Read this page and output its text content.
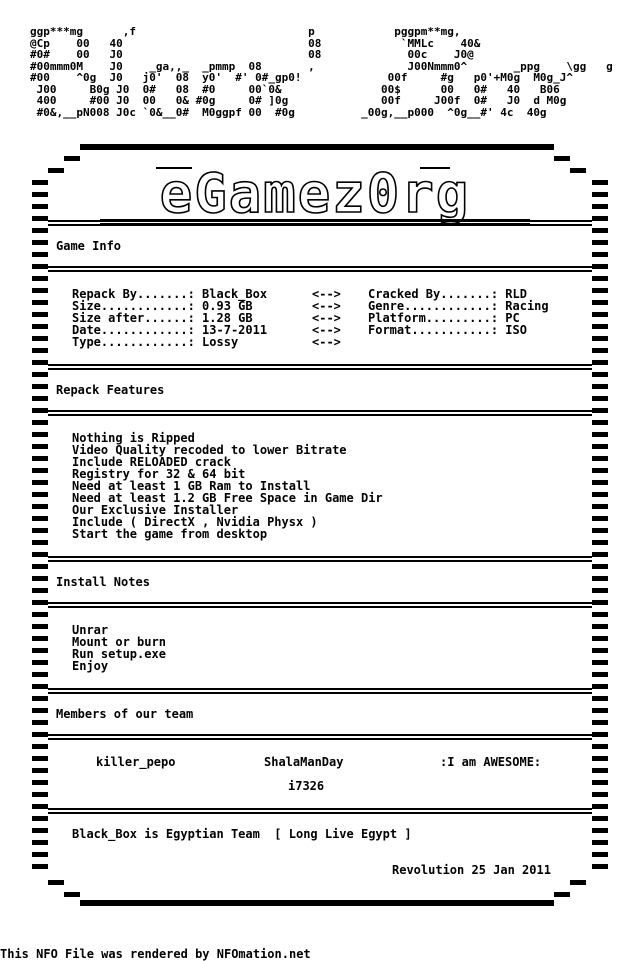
ggp***mg      ,f                          p            pggpm**mg,
@Cp    00   40                            08            `MMLc    40&
#0#    00   J0                            08             00c    J0@
#00mmm0M    J0    _ga,,_  _pmmp  08       ,              J00Nmmm0^       _ppg    \gg   g
#00    ^0g  J0   j0'  08  y0'  #' 0#_gp0!             00f     #g   p0'+M0g  M0g_J^
J00     B0g J0  0#   08  #0     00`0&               00$      00   0#   40   B06
400     #00 J0  00   0& #0g     0# ]0g              00f     J00f  0#   J0  d M0g
#0&,__pN008 J0c `0&__0#  M0ggpf 00  #0g          _00g,__p000  ^0g__#' 4c  40g
eGamez0rg
Game Info
Repack Features
Install Notes
Members of our team
Repack By.......: Black_Box
Size............: 0.93 GB
Size after......: 1.28 GB
Date............: 13-7-2011
Type............: Lossy
<-->
<-->
<-->
<-->
<-->
Cracked By.......: RLD
Genre............: Racing
Platform.........: PC
Format...........: ISO
Nothing is Ripped
Video Quality recoded to lower Bitrate
Include RELOADED crack
Registry for 32 & 64 bit
Need at least 1 GB Ram to Install
Need at least 1.2 GB Free Space in Game Dir
Our Exclusive Installer
Include ( DirectX , Nvidia Physx )
Start the game from desktop
Unrar
Mount or burn
Run setup.exe
Enjoy
killer_pepo	ShalaManDay	:I am AWESOME:
i7326
Black_Box is Egyptian Team  [ Long Live Egypt ]
Revolution 25 Jan 2011
This NFO File was rendered by NFOmation.net
